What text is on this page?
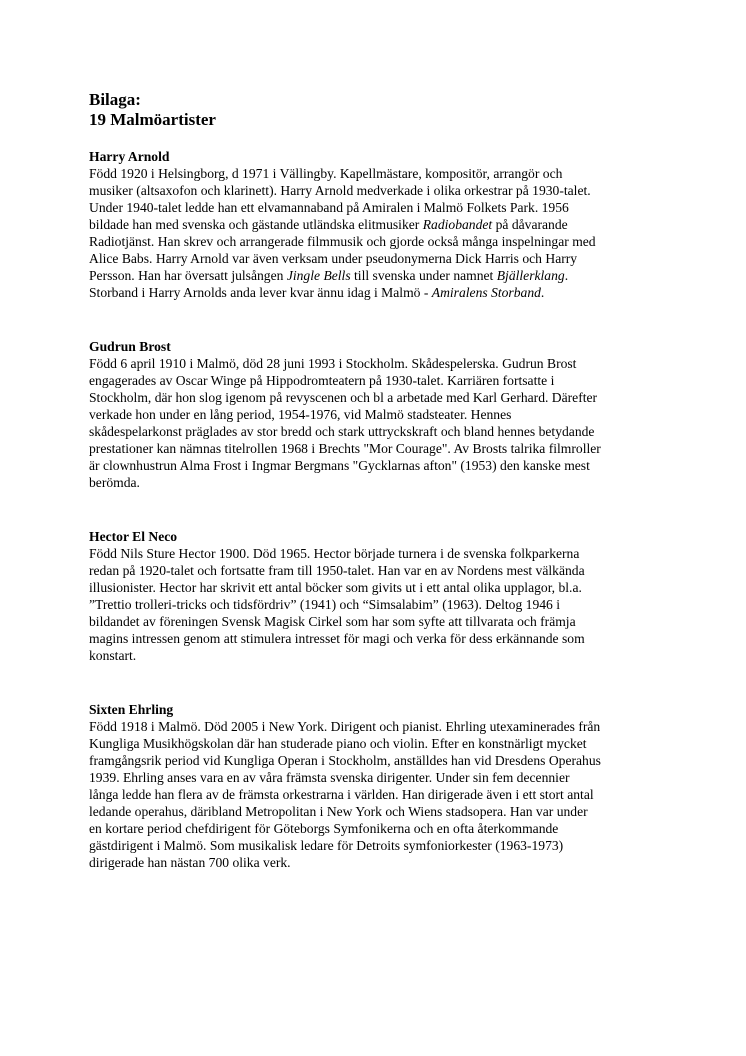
Bilaga:
19 Malmöartister

Harry Arnold

Född 1920 i Helsingborg, d 1971 i Vällingby. Kapellmästare, kompositör, arrangör och
musiker (altsaxofon och klarinett). Harry Arnold medverkade i olika orkestrar på 1930-talet.
Under 1940-talet ledde han ett elvamannaband på Amiralen i Malmö Folkets Park. 1956
bildade han med svenska och gästande utländska elitmusiker Radiobandet på dåvarande
Radiotjänst. Han skrev och arrangerade filmmusik och gjorde också många inspelningar med
Alice Babs. Harry Arnold var även verksam under pseudonymerna Dick Harris och Harry
Persson. Han har översatt julsången Jingle Bells till svenska under namnet Bjällerklang.
Storband i Harry Arnolds anda lever kvar ännu idag i Malmö - Amiralens Storband.

Gudrun Brost

Född 6 april 1910 i Malmö, död 28 juni 1993 i Stockholm. Skådespelerska. Gudrun Brost
engagerades av Oscar Winge på Hippodromteatern på 1930-talet. Karriären fortsatte i
Stockholm, där hon slog igenom på revyscenen och bl a arbetade med Karl Gerhard. Därefter
verkade hon under en lång period, 1954-1976, vid Malmö stadsteater. Hennes
skådespelarkonst präglades av stor bredd och stark uttryckskraft och bland hennes betydande
prestationer kan nämnas titelrollen 1968 i Brechts "Mor Courage". Av Brosts talrika filmroller
är clownhustrun Alma Frost i Ingmar Bergmans "Gycklarnas afton" (1953) den kanske mest
berömda.

Hector El Neco

Född Nils Sture Hector 1900. Död 1965. Hector började turnera i de svenska folkparkerna
redan på 1920-talet och fortsatte fram till 1950-talet. Han var en av Nordens mest välkända
illusionister. Hector har skrivit ett antal böcker som givits ut i ett antal olika upplagor, bl.a.
”Trettio trolleri-tricks och tidsfördriv” (1941) och “Simsalabim” (1963). Deltog 1946 i
bildandet av föreningen Svensk Magisk Cirkel som har som syfte att tillvarata och främja
magins intressen genom att stimulera intresset för magi och verka för dess erkännande som
konstart.

Sixten Ehrling

Född 1918 i Malmö. Död 2005 i New York. Dirigent och pianist. Ehrling utexaminerades från
Kungliga Musikhögskolan där han studerade piano och violin. Efter en konstnärligt mycket
framgångsrik period vid Kungliga Operan i Stockholm, anställdes han vid Dresdens Operahus
1939. Ehrling anses vara en av våra främsta svenska dirigenter. Under sin fem decennier
långa ledde han flera av de främsta orkestrarna i världen. Han dirigerade även i ett stort antal
ledande operahus, däribland Metropolitan i New York och Wiens stadsopera. Han var under
en kortare period chefdirigent för Göteborgs Symfonikerna och en ofta återkommande
gästdirigent i Malmö. Som musikalisk ledare för Detroits symfoniorkester (1963-1973)
dirigerade han nästan 700 olika verk.
